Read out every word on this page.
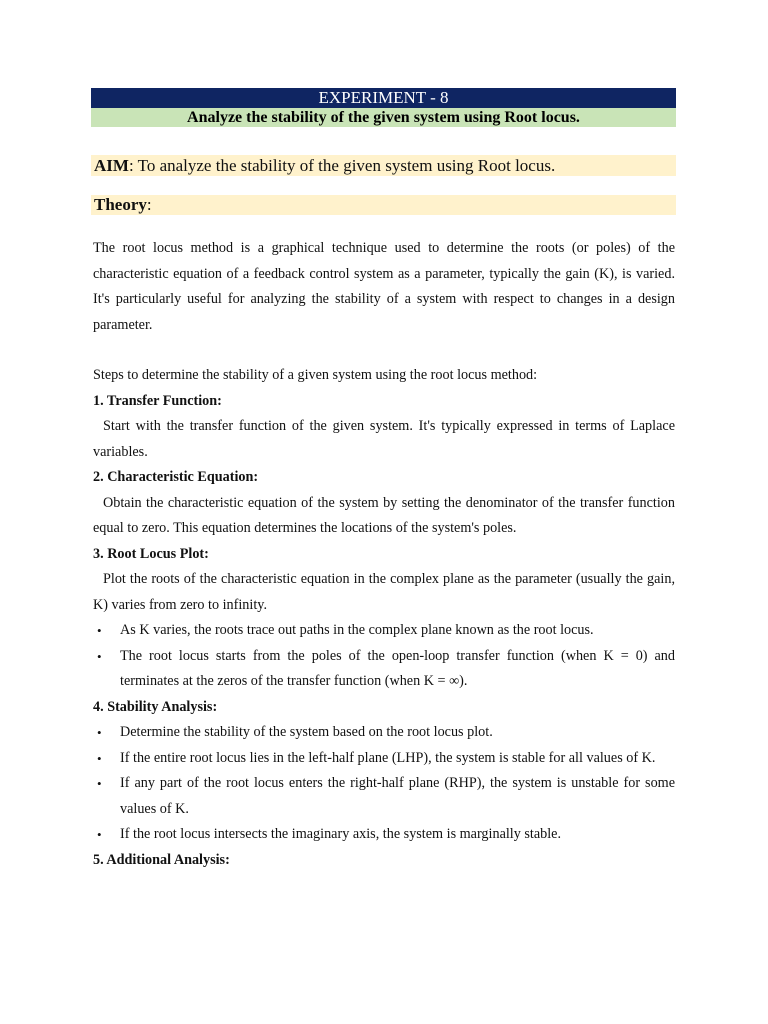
EXPERIMENT - 8
Analyze the stability of the given system using Root locus.
AIM: To analyze the stability of the given system using Root locus.
Theory:

The root locus method is a graphical technique used to determine the roots (or poles) of the characteristic equation of a feedback control system as a parameter, typically the gain (K), is varied. It's particularly useful for analyzing the stability of a system with respect to changes in a design parameter.

Steps to determine the stability of a given system using the root locus method:

1. Transfer Function:

Start with the transfer function of the given system. It's typically expressed in terms of Laplace variables.

2. Characteristic Equation:

Obtain the characteristic equation of the system by setting the denominator of the transfer function equal to zero. This equation determines the locations of the system's poles.

3. Root Locus Plot:

Plot the roots of the characteristic equation in the complex plane as the parameter (usually the gain, K) varies from zero to infinity.

• As K varies, the roots trace out paths in the complex plane known as the root locus.
• The root locus starts from the poles of the open-loop transfer function (when K = 0) and terminates at the zeros of the transfer function (when K = ∞).

4. Stability Analysis:

• Determine the stability of the system based on the root locus plot.
• If the entire root locus lies in the left-half plane (LHP), the system is stable for all values of K.
• If any part of the root locus enters the right-half plane (RHP), the system is unstable for some values of K.
• If the root locus intersects the imaginary axis, the system is marginally stable.

5. Additional Analysis:
